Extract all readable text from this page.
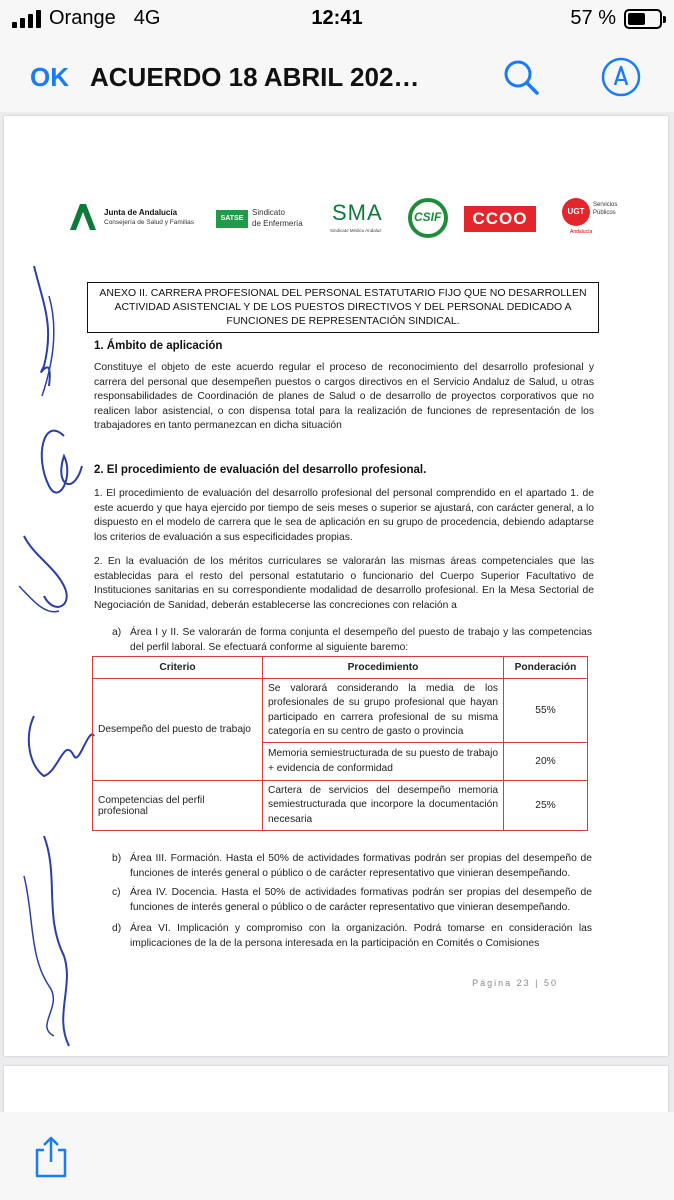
Orange 4G	12:41	57 %
OK ACUERDO 18 ABRIL 202…
Junta de Andalucía
Consejería de Salud y Familias
SATSE
Sindicato
de Enfermería SMA
Sindicato Médico Andaluz
CSIF	CCOO	UGT
Servicios
Públicos
Andalucía
ANEXO II. CARRERA PROFESIONAL DEL PERSONAL ESTATUTARIO FIJO QUE NO DESARROLLEN ACTIVIDAD ASISTENCIAL Y DE LOS PUESTOS DIRECTIVOS Y DEL PERSONAL DEDICADO A FUNCIONES DE REPRESENTACIÓN SINDICAL.
1. Ámbito de aplicación
Constituye el objeto de este acuerdo regular el proceso de reconocimiento del desarrollo profesional y carrera del personal que desempeñen puestos o cargos directivos en el Servicio Andaluz de Salud, u otras responsabilidades de Coordinación de planes de Salud o de desarrollo de proyectos corporativos que no realicen labor asistencial, o con dispensa total para la realización de funciones de representación de los trabajadores en tanto permanezcan en dicha situación
2. El procedimiento de evaluación del desarrollo profesional.
1. El procedimiento de evaluación del desarrollo profesional del personal comprendido en el apartado 1. de este acuerdo y que haya ejercido por tiempo de seis meses o superior se ajustará, con carácter general, a lo dispuesto en el modelo de carrera que le sea de aplicación en su grupo de procedencia, debiendo adaptarse los criterios de evaluación a sus especificidades propias.
2. En la evaluación de los méritos curriculares se valorarán las mismas áreas competenciales que las establecidas para el resto del personal estatutario o funcionario del Cuerpo Superior Facultativo de Instituciones sanitarias en su correspondiente modalidad de desarrollo profesional. En la Mesa Sectorial de Negociación de Sanidad, deberán establecerse las concreciones con relación a
a) Área I y II. Se valorarán de forma conjunta el desempeño del puesto de trabajo y las competencias del perfil laboral. Se efectuará conforme al siguiente baremo:
Criterio	Procedimiento	Ponderación
Desempeño del puesto de trabajo	Se valorará considerando la media de los profesionales de su grupo profesional que hayan participado en carrera profesional de su misma categoría en su centro de gasto o provincia	55%
	Memoria semiestructurada de su puesto de trabajo + evidencia de conformidad	20%
Competencias del perfil profesional	Cartera de servicios del desempeño memoria semiestructurada que incorpore la documentación necesaria	25%
b) Área III. Formación. Hasta el 50% de actividades formativas podrán ser propias del desempeño de funciones de interés general o público o de carácter representativo que vinieran desempeñando.
c) Área IV. Docencia. Hasta el 50% de actividades formativas podrán ser propias del desempeño de funciones de interés general o público o de carácter representativo que vinieran desempeñando.
d) Área VI. Implicación y compromiso con la organización. Podrá tomarse en consideración las implicaciones de la de la persona interesada en la participación en Comités o Comisiones
Página 23 | 50
